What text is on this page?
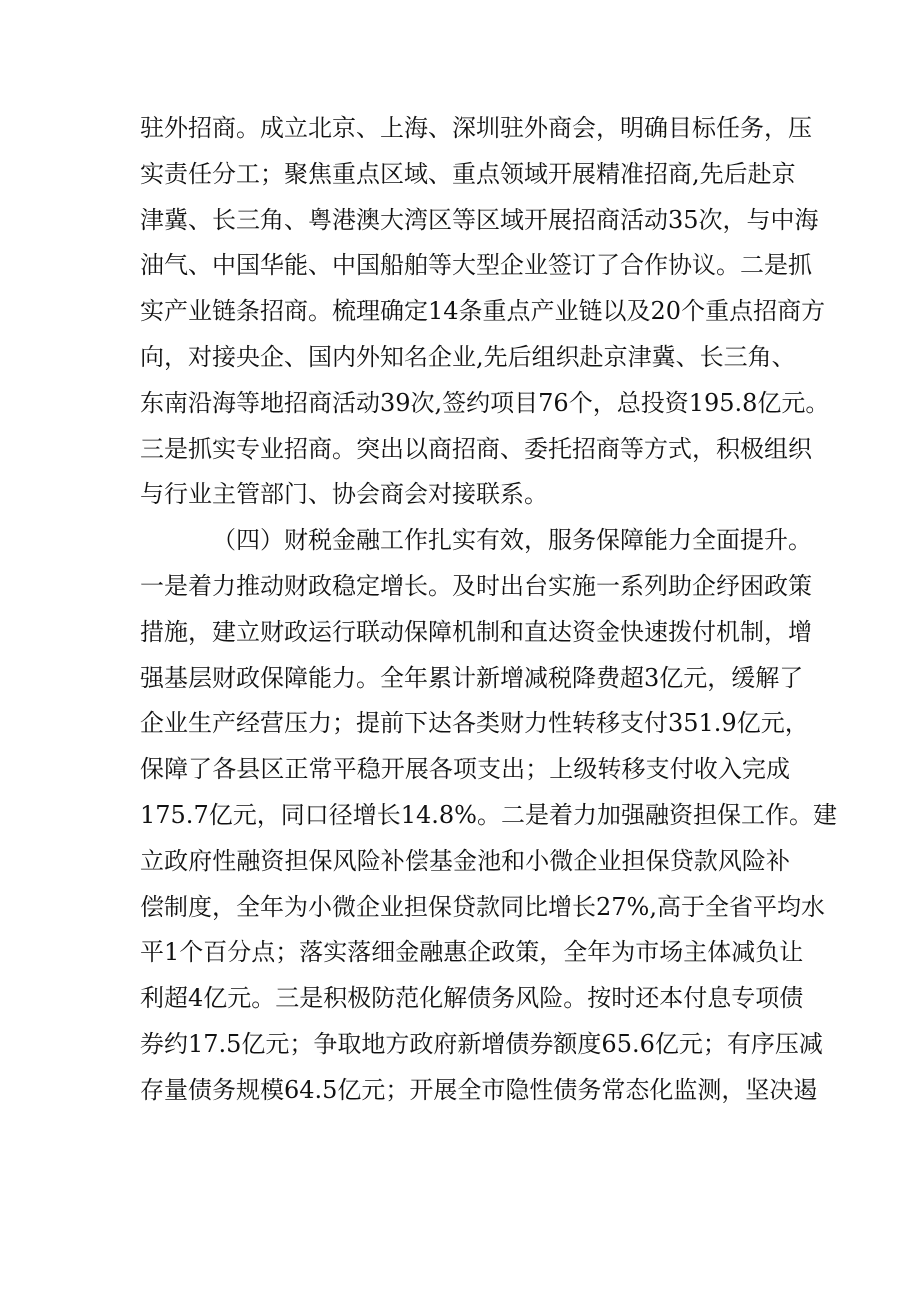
驻外招商。成立北京、上海、深圳驻外商会，明确目标任务，压
实责任分工；聚焦重点区域、重点领域开展精准招商,先后赴京
津冀、长三角、粤港澳大湾区等区域开展招商活动35次，与中海
油气、中国华能、中国船舶等大型企业签订了合作协议。二是抓
实产业链条招商。梳理确定14条重点产业链以及20个重点招商方
向，对接央企、国内外知名企业,先后组织赴京津冀、长三角、
东南沿海等地招商活动39次,签约项目76个，总投资195.8亿元。
三是抓实专业招商。突出以商招商、委托招商等方式，积极组织
与行业主管部门、协会商会对接联系。
（四）财税金融工作扎实有效，服务保障能力全面提升。
一是着力推动财政稳定增长。及时出台实施一系列助企纾困政策
措施，建立财政运行联动保障机制和直达资金快速拨付机制，增
强基层财政保障能力。全年累计新增减税降费超3亿元，缓解了
企业生产经营压力；提前下达各类财力性转移支付351.9亿元，
保障了各县区正常平稳开展各项支出；上级转移支付收入完成
175.7亿元，同口径增长14.8%。二是着力加强融资担保工作。建
立政府性融资担保风险补偿基金池和小微企业担保贷款风险补
偿制度，全年为小微企业担保贷款同比增长27%,高于全省平均水
平1个百分点；落实落细金融惠企政策，全年为市场主体减负让
利超4亿元。三是积极防范化解债务风险。按时还本付息专项债
券约17.5亿元；争取地方政府新增债券额度65.6亿元；有序压减
存量债务规模64.5亿元；开展全市隐性债务常态化监测，坚决遏
